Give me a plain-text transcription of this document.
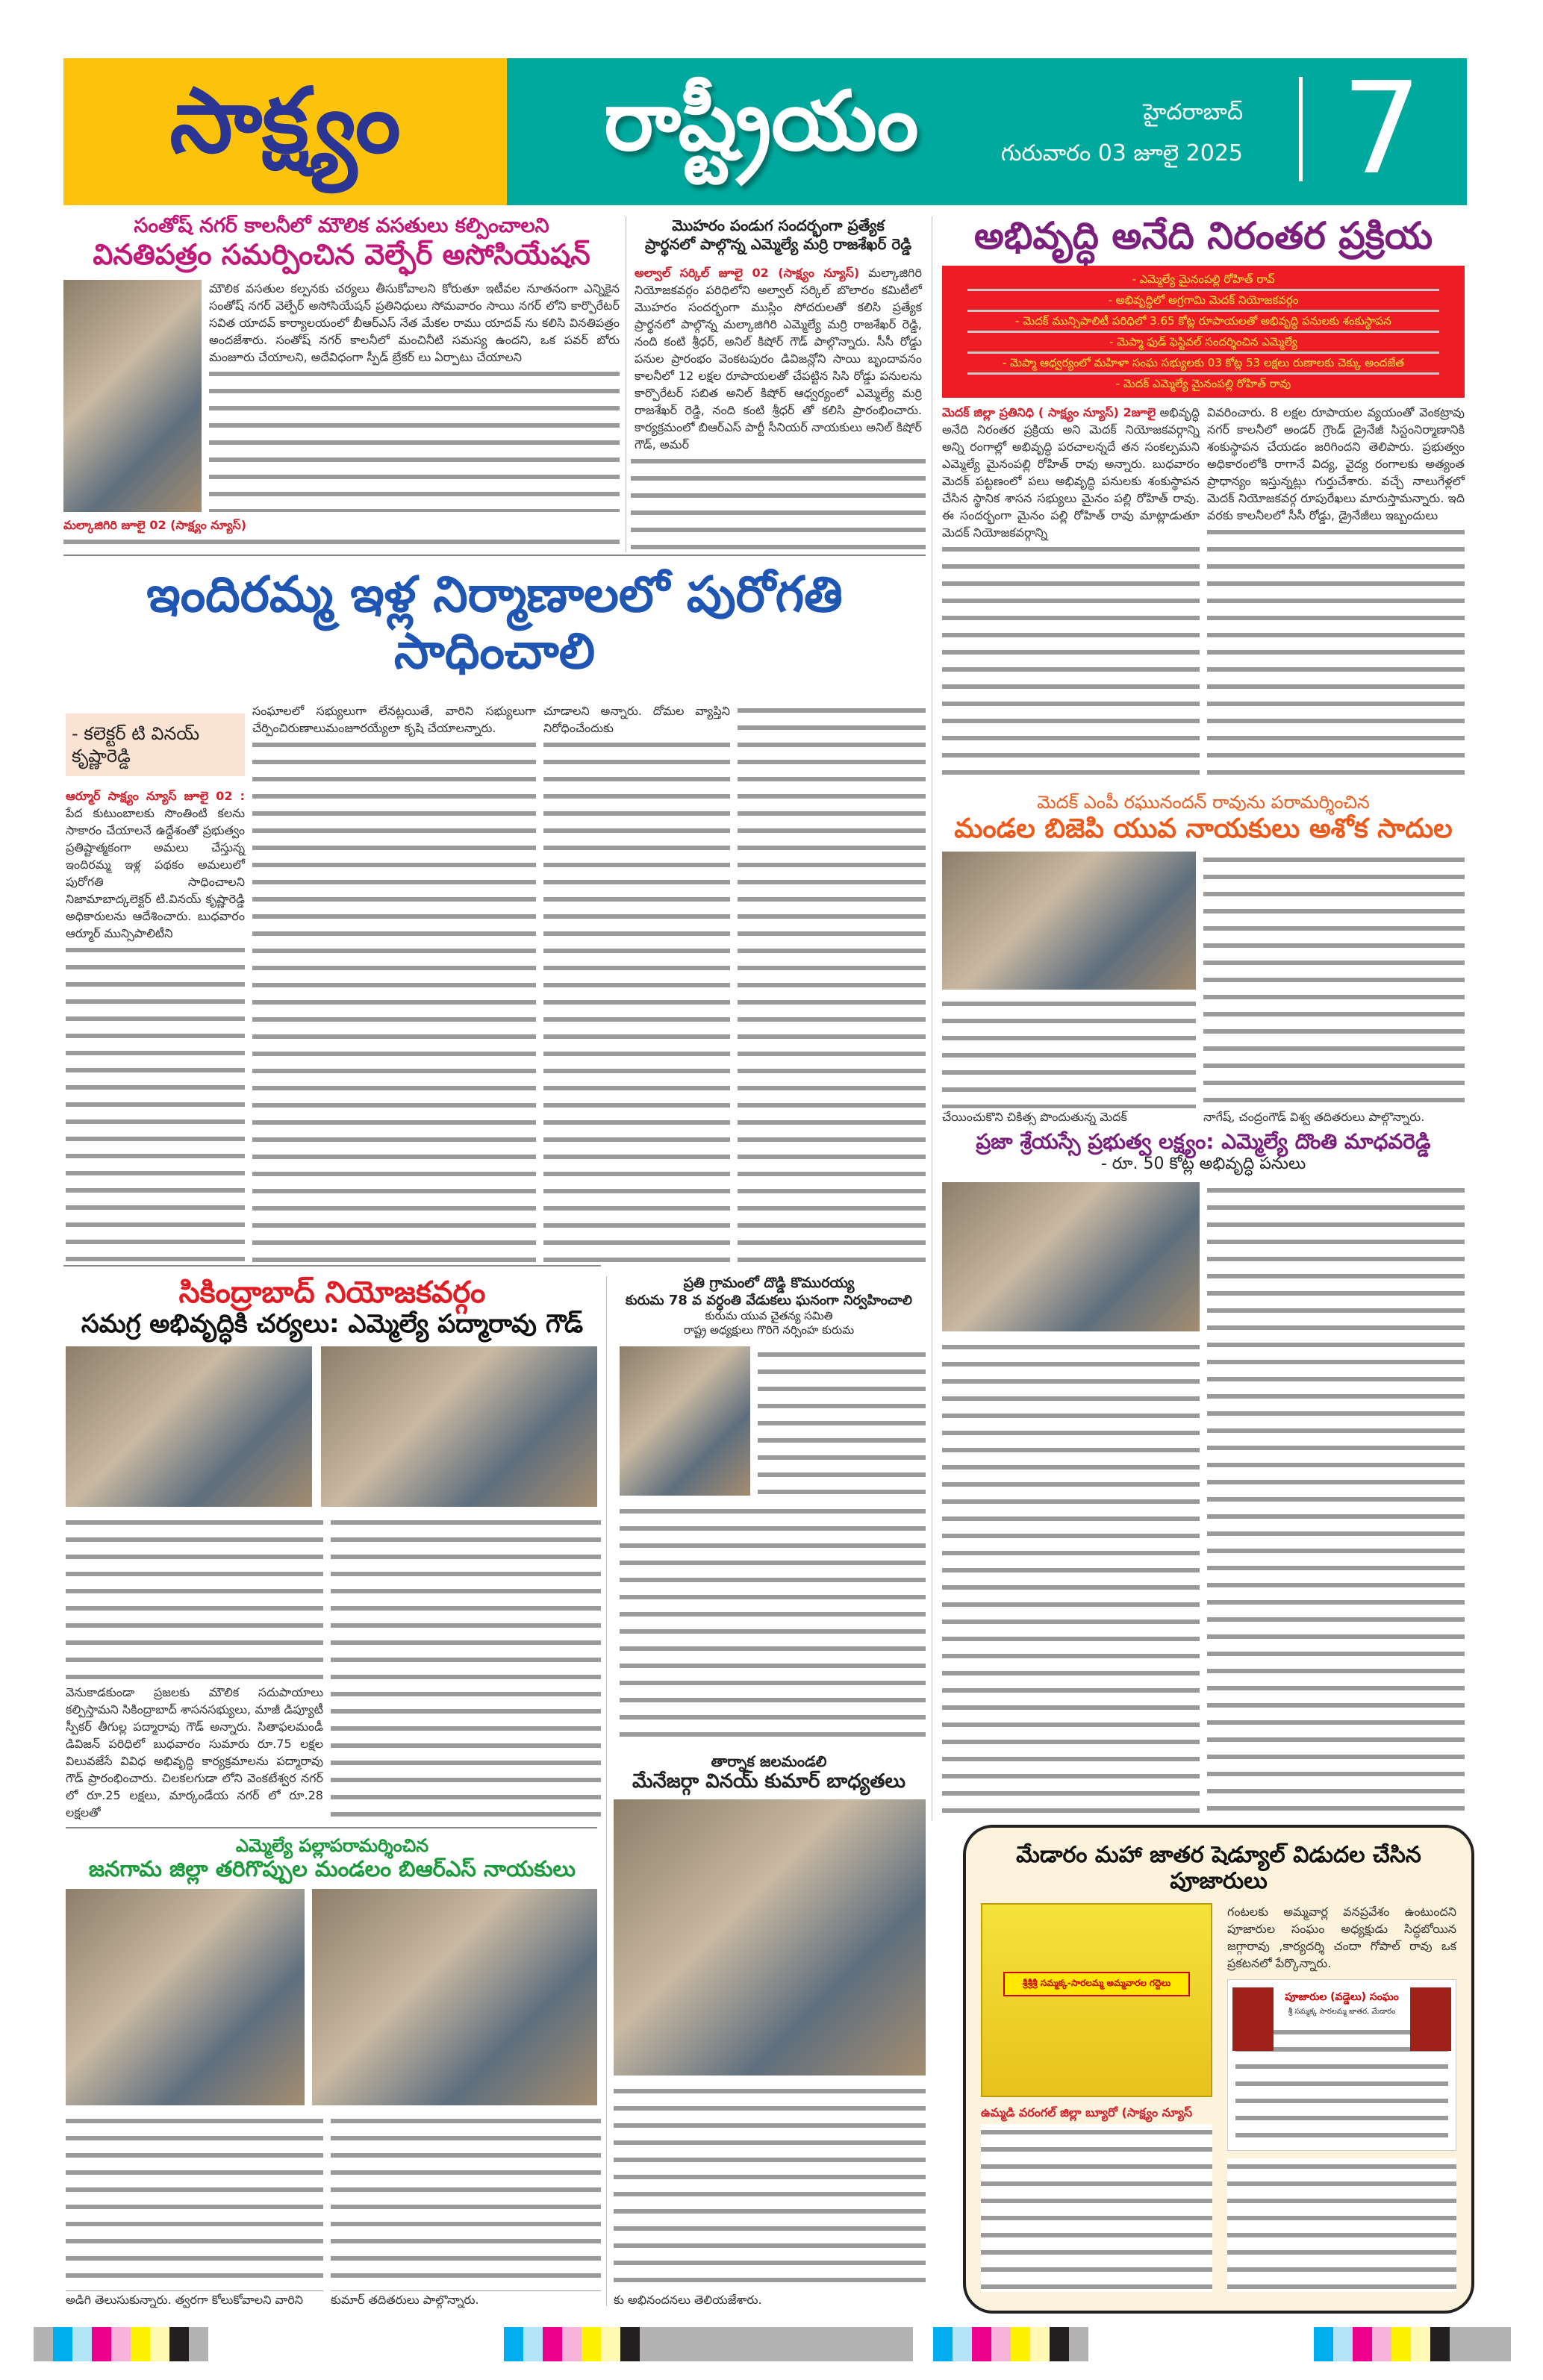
సాక్ష్యం	రాష్ట్రీయం	హైదరాబాద్
గురువారం 03 జూలై 2025 7
సంతోష్ నగర్ కాలనీలో మౌలిక వసతులు కల్పించాలని
వినతిపత్రం సమర్పించిన వెల్ఫేర్ అసోసియేషన్
మౌలిక వసతుల కల్పనకు చర్యలు తీసుకోవాలని కోరుతూ ఇటీవల నూతనంగా ఎన్నికైన సంతోష్ నగర్ వెల్ఫేర్ అసోసియేషన్ ప్రతినిధులు సోమవారం సాయి నగర్ లోని కార్పొరేటర్ సవిత యాదవ్ కార్యాలయంలో బీఆర్ఎస్ నేత మేకల రాము యాదవ్ ను కలిసి వినతిపత్రం అందజేశారు. సంతోష్ నగర్ కాలనీలో మంచినీటి సమస్య ఉందని, ఒక పవర్ బోరు మంజూరు చేయాలని, అదేవిధంగా స్పీడ్ బ్రేకర్ లు ఏర్పాటు చేయాలని
మల్కాజిగిరి జూలై 02 (సాక్ష్యం న్యూస్)
మొహరం పండుగ సందర్భంగా ప్రత్యేక
ప్రార్థనలో పాల్గొన్న ఎమ్మెల్యే మర్రి రాజశేఖర్ రెడ్డి
అల్వాల్ సర్కిల్ జూలై 02 (సాక్ష్యం న్యూస్) మల్కాజిగిరి నియోజకవర్గం పరిధిలోని అల్వాల్ సర్కిల్ బొలారం కమిటీలో మొహరం సందర్భంగా ముస్లిం సోదరులతో కలిసి ప్రత్యేక ప్రార్థనలో పాల్గొన్న మల్కాజిగిరి ఎమ్మెల్యే మర్రి రాజశేఖర్ రెడ్డి, నంది కంటి శ్రీధర్, అనిల్ కిషోర్ గౌడ్ పాల్గొన్నారు. సీసీ రోడ్డు పనుల ప్రారంభం వెంకటపురం డివిజన్లోని సాయి బృందావనం కాలనీలో 12 లక్షల రూపాయలతో చేపట్టిన సిసి రోడ్డు పనులను కార్పొరేటర్ సబిత అనిల్ కిషోర్ ఆధ్వర్యంలో ఎమ్మెల్యే మర్రి రాజశేఖర్ రెడ్డి, నంది కంటి శ్రీధర్ తో కలిసి ప్రారంభించారు. కార్యక్రమంలో బిఆర్ఎస్ పార్టీ సీనియర్ నాయకులు అనిల్ కిషోర్ గౌడ్, అమర్
అభివృద్ధి అనేది నిరంతర ప్రక్రియ
- ఎమ్మెల్యే మైనంపల్లి రోహిత్ రావ్
- అభివృద్ధిలో అగ్రగామి మెదక్ నియోజకవర్గం
- మెదక్ మున్సిపాలిటీ పరిధిలో 3.65 కోట్ల రూపాయలతో అభివృద్ధి పనులకు శంకుస్థాపన
- మెప్మా ఫుడ్ ఫెస్టివల్ సందర్శించిన ఎమ్మెల్యే
- మెప్మా ఆధ్వర్యంలో మహిళా సంఘ సభ్యులకు 03 కోట్ల 53 లక్షలు రుణాలకు చెక్కు అందజేత
- మెదక్ ఎమ్మెల్యే మైనంపల్లి రోహిత్ రావు
మెదక్ జిల్లా ప్రతినిధి ( సాక్ష్యం న్యూస్) 2జూలై అభివృద్ధి అనేది నిరంతర ప్రక్రియ అని మెదక్ నియోజకవర్గాన్ని అన్ని రంగాల్లో అభివృద్ధి పరచాలన్నదే తన సంకల్పమని ఎమ్మెల్యే మైనంపల్లి రోహిత్ రావు అన్నారు. బుధవారం మెదక్ పట్టణంలో పలు అభివృద్ధి పనులకు శంకుస్థాపన చేసిన స్థానిక శాసన సభ్యులు మైనం పల్లి రోహిత్ రావు. ఈ సందర్భంగా మైనం పల్లి రోహిత్ రావు మాట్లాడుతూ మెదక్ నియోజకవర్గాన్ని
వివరించారు. 8 లక్షల రూపాయల వ్యయంతో వెంకట్రావు నగర్ కాలనీలో అండర్ గ్రౌండ్ డ్రైనేజీ సిస్టంనిర్మాణానికి శంకుస్థాపన చేయడం జరిగిందని తెలిపారు. ప్రభుత్వం అధికారంలోకి రాగానే విద్య, వైద్య రంగాలకు అత్యంత ప్రాధాన్యం ఇస్తున్నట్లు గుర్తుచేశారు. వచ్చే నాలుగేళ్లలో మెదక్ నియోజకవర్గ రూపురేఖలు మారుస్తామన్నారు. ఇది వరకు కాలనీలలో సీసీ రోడ్డు, డ్రైనేజీలు ఇబ్బందులు
ఇందిరమ్మ ఇళ్ల నిర్మాణాలలో పురోగతి సాధించాలి
- కలెక్టర్ టి వినయ్ కృష్ణారెడ్డి
ఆర్మూర్ సాక్ష్యం న్యూస్ జూలై 02 : పేద కుటుంబాలకు సొంతింటి కలను సాకారం చేయాలనే ఉద్దేశంతో ప్రభుత్వం ప్రతిష్టాత్మకంగా అమలు చేస్తున్న ఇందిరమ్మ ఇళ్ల పథకం అమలులో పురోగతి సాధించాలని నిజామాబాద్కలెక్టర్ టి.వినయ్ కృష్ణారెడ్డి అధికారులను ఆదేశించారు. బుధవారం ఆర్మూర్ మున్సిపాలిటీని
సంఘాలలో సభ్యులుగా లేనట్లయితే, వారిని సభ్యులుగా చేర్పించిరుణాలుమంజూరయ్యేలా కృషి చేయాలన్నారు.
చూడాలని అన్నారు. దోమల వ్యాప్తిని నిరోధించేందుకు
మెదక్ ఎంపీ రఘునందన్ రావును పరామర్శించిన
మండల బిజెపి యువ నాయకులు అశోక సాదుల
చేయించుకొని చికిత్స పొందుతున్న మెదక్	నాగేష్, చంద్రంగౌడ్ విశ్వ తదితరులు పాల్గొన్నారు.
ప్రజా శ్రేయస్సే ప్రభుత్వ లక్ష్యం: ఎమ్మెల్యే దొంతి మాధవరెడ్డి
- రూ. 50 కోట్ల అభివృద్ధి పనులు
సికింద్రాబాద్ నియోజకవర్గం
సమగ్ర అభివృద్ధికి చర్యలు: ఎమ్మెల్యే పద్మారావు గౌడ్
వెనుకాడకుండా ప్రజలకు మౌలిక సదుపాయాలు కల్పిస్తామని సికింద్రాబాద్ శాసనసభ్యులు, మాజీ డిప్యూటీ స్పీకర్ తీగుల్ల పద్మారావు గౌడ్ అన్నారు. సితాఫలమండీ డివిజన్ పరిధిలో బుధవారం సుమారు రూ.75 లక్షల విలువజేసే వివిధ అభివృద్ధి కార్యక్రమాలను పద్మారావు గౌడ్ ప్రారంభించారు. చిలకలగుడా లోని వెంకటేశ్వర నగర్ లో రూ.25 లక్షలు, మార్కండేయ నగర్ లో రూ.28 లక్షలతో
ప్రతి గ్రామంలో దొడ్డి కొమురయ్య
కురుమ 78 వ వర్ధంతి వేడుకలు ఘనంగా నిర్వహించాలి
కురుమ యువ చైతన్య సమితి
రాష్ట్ర అధ్యక్షులు గొరిగె నర్సింహ కురుమ
తార్నాక జలమండలి
మేనేజర్గా వినయ్ కుమార్ బాధ్యతలు
కు అభినందనలు తెలియజేశారు.
ఎమ్మెల్యే పల్లాపరామర్శించిన
జనగామ జిల్లా తరిగొప్పుల మండలం బిఆర్ఎస్ నాయకులు
అడిగి తెలుసుకున్నారు. త్వరగా కోలుకోవాలని వారిని	కుమార్ తదితరులు పాల్గొన్నారు.
మేడారం మహా జాతర షెడ్యూల్ విడుదల చేసిన పూజారులు
శ్రీశ్రీశ్రీ సమ్మక్క-సారలమ్మ అమ్మవారల గద్దెలు
ఉమ్మడి వరంగల్ జిల్లా బ్యూరో (సాక్ష్యం న్యూస్
గంటలకు అమ్మవార్ల వనప్రవేశం ఉంటుందని పూజారుల సంఘం అధ్యక్షుడు సిద్ధబోయిన జగ్గారావు ,కార్యదర్శి చందా గోపాల్ రావు ఒక ప్రకటనలో పేర్కొన్నారు.
పూజారుల (వడ్డెలు) సంఘం
శ్రీ సమ్మక్క సారలమ్మ జాతర, మేడారం
